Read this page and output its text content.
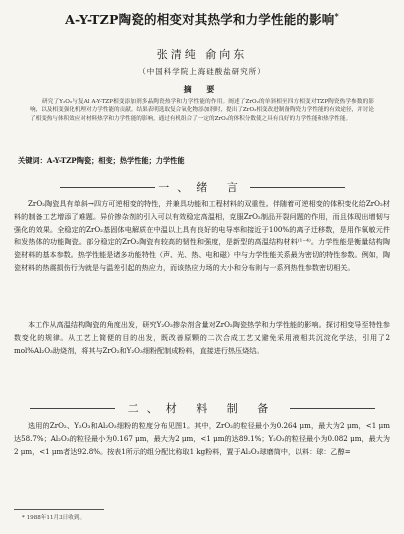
A-Y-TZP陶瓷的相变对其热学和力学性能的影响*
张清纯 俞向东
（中国科学院上海硅酸盐研究所）
摘 要
研究了Y₂O₃与复Al A-Y-TZP相变添加剂多晶陶瓷热学和力学性能的作用。阐述了ZrO₂的单斜相至四方相变对TZP陶瓷热学参数的影响，以及相变强化机理对力学性能的贡献。结果表明选取复合氧化物添加剂时，提出了ZrO₂相变改进制备陶瓷力学性能的有效途径，并讨论了相变热与体积效应对材料热学和力学性能的影响，通过有机组合了一定的ZrO₂的体积分数使之具有良好的力学性能和热学性能。
关键词：A-Y-TZP陶瓷；相变；热学性能；力学性能
一、绪 言
ZrO₂陶瓷具有单斜→四方可逆相变的特性，并兼具功能和工程材料的双重性。伴随着可逆相变的体积变化给ZrO₂材料的制备工艺增添了难题。异价掺杂剂的引入可以有效稳定高温相，克服ZrO₂制品开裂问题的作用，而且体现出增韧与强化的效果。全稳定的ZrO₂基固体电解质在中温以上具有良好的电导率和接近于100%的离子迁移数，是用作氧敏元件和发热体的功能陶瓷。部分稳定的ZrO₂陶瓷有较高的韧性和强度，是新型的高温结构材料⁽¹⁻⁴⁾。力学性能是衡量结构陶瓷材料的基本参数。热学性能是诸多功能特性（声、光、热、电和磁）中与力学性能关系最为密切的特性参数。例如，陶瓷材料的热震损伤行为就是与温差引起的热应力，而该热应力场的大小和分布则与一系列热性参数密切相关。
本工作从高温结构陶瓷的角度出发，研究Y₂O₃掺杂剂含量对ZrO₂陶瓷热学和力学性能的影响。探讨相变导至特性参数变化的规律。从工艺上简便的目的出发，既改善原颗的二次合成工艺又避免采用液相共沉淀化学法，引用了2 mol%Al₂O₃助烧剂，将其与ZrO₂和Y₂O₃细粉配制成粉料，直接进行热压烧结。
二、材 料 制 备
选用的ZrO₂、Y₂O₃和Al₂O₃细粉的粒度分布见图1。其中，ZrO₂的粒径最小为0.264 μm，最大为2 μm，<1 μm达58.7%；Al₂O₃的粒径最小为0.167 μm，最大为2 μm，<1 μm的达89.1%；Y₂O₃的粒径最小为0.082 μm，最大为2 μm，<1 μm者达92.8%。按表1所示的组分配比称取1 kg粉料，置于Al₂O₃球磨筒中，以料：球：乙醇=
* 1988年11月3日收到。
